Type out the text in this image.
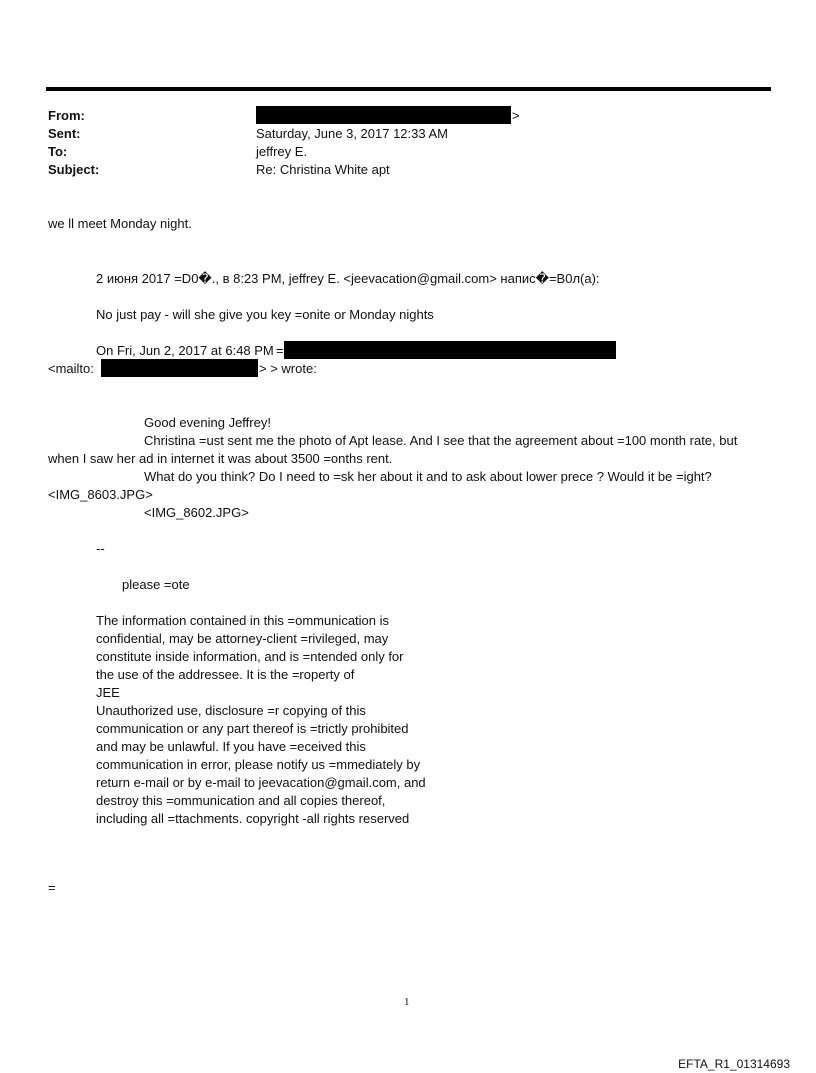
From:	>
Sent:	Saturday, June 3, 2017 12:33 AM
To:	jeffrey E.
Subject:	Re: Christina White apt
we ll meet Monday night.
2 июня 2017 =D0�., в 8:23 PM, jeffrey E. <jeevacation@gmail.com> напис�=B0л(а):
No just pay - will she give you key =onite or Monday nights
On Fri, Jun 2, 2017 at 6:48 PM =
<mailto:	> > wrote:
Good evening Jeffrey!
Christina =ust sent me the photo of Apt lease. And I see that the agreement about =100 month rate, but
when I saw her ad in internet it was about 3500 =onths rent.
What do you think? Do I need to =sk her about it and to ask about lower prece ? Would it be =ight?
<IMG_8603.JPG>
<IMG_8602.JPG>
--
please =ote
The information contained in this =ommunication is
confidential, may be attorney-client =rivileged, may
constitute inside information, and is =ntended only for
the use of the addressee. It is the =roperty of
JEE
Unauthorized use, disclosure =r copying of this
communication or any part thereof is =trictly prohibited
and may be unlawful. If you have =eceived this
communication in error, please notify us =mmediately by
return e-mail or by e-mail to jeevacation@gmail.com, and
destroy this =ommunication and all copies thereof,
including all =ttachments. copyright -all rights reserved
=
1
EFTA_R1_01314693
